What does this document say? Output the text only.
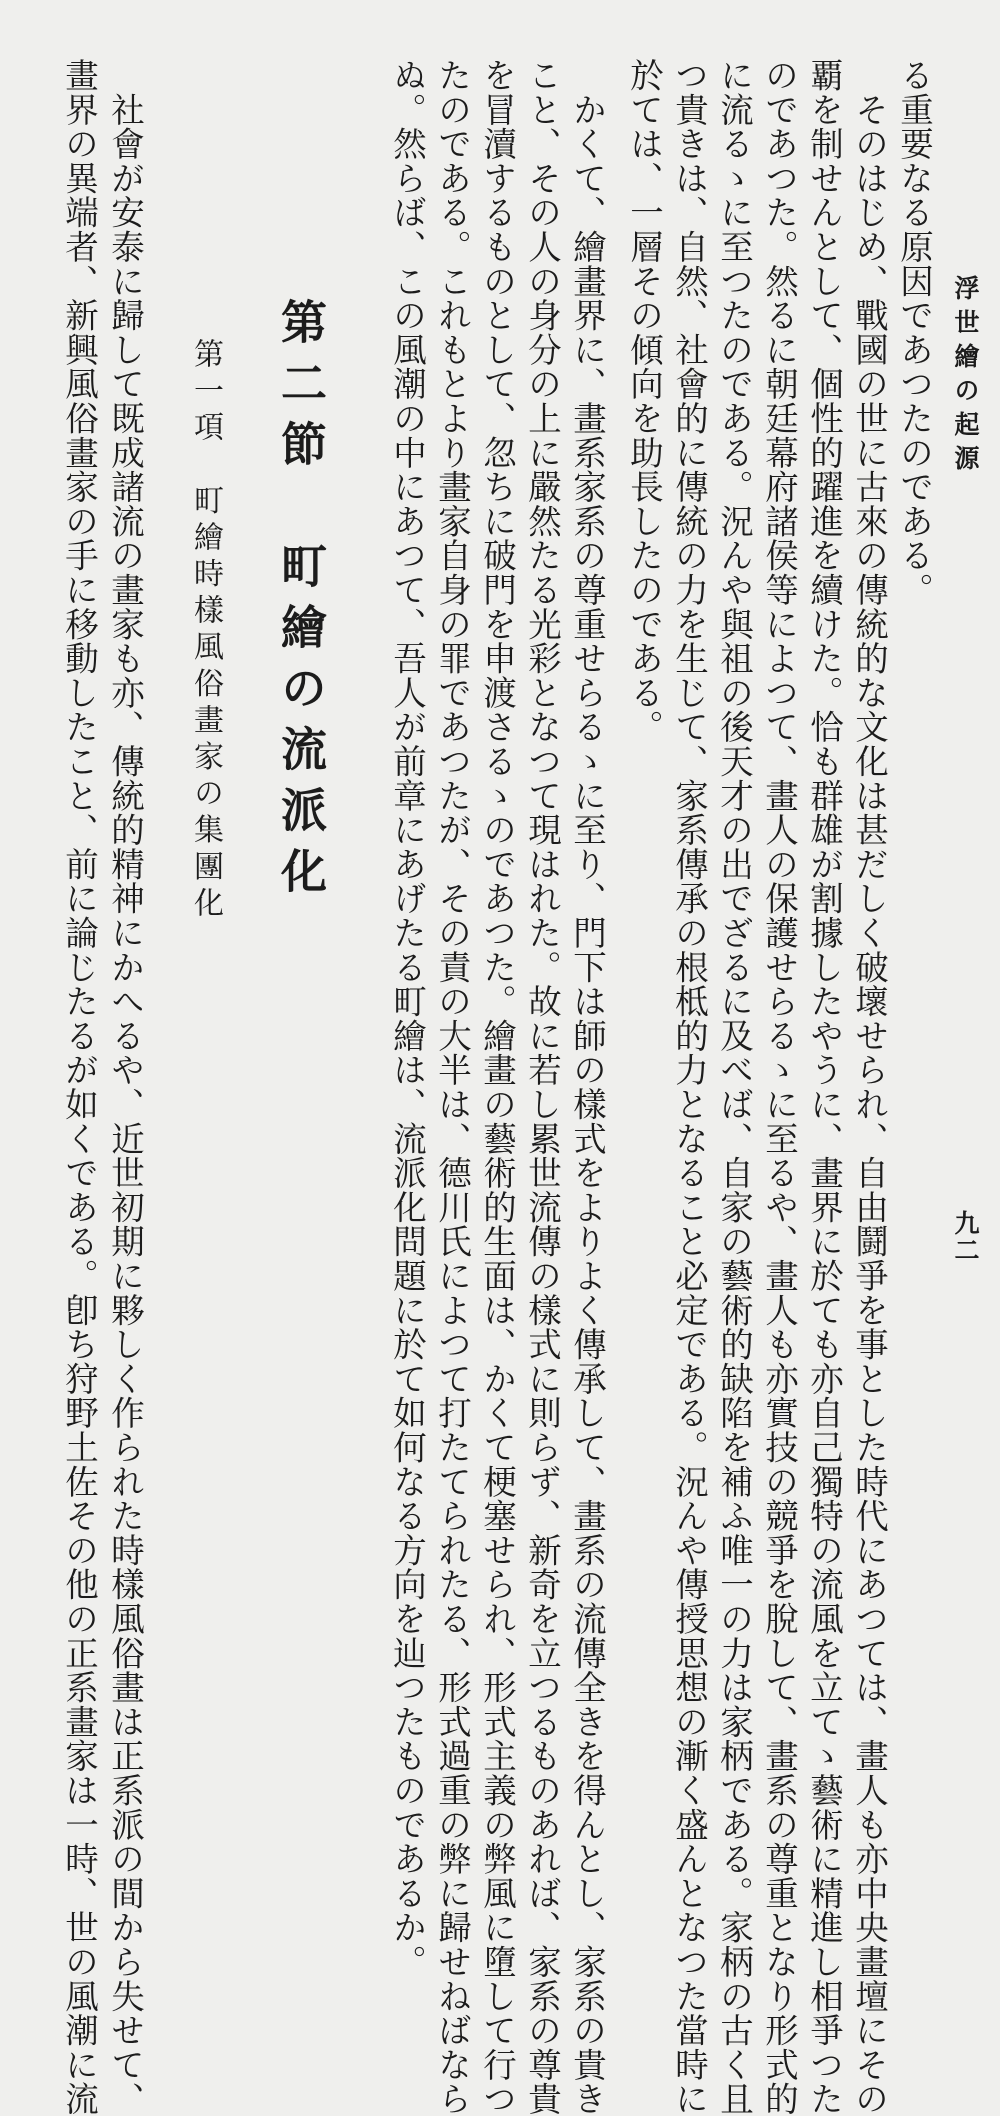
浮世繪の起源
九二
る重要なる原因であつたのである。
　そのはじめ、戰國の世に古來の傳統的な文化は甚だしく破壞せられ、自由鬪爭を事とした時代にあつては、畫人も亦中央畫壇にその
覇を制せんとして、個性的躍進を續けた。恰も群雄が割據したやうに、畫界に於ても亦自己獨特の流風を立てゝ藝術に精進し相爭つた
のであつた。然るに朝廷幕府諸侯等によつて、畫人の保護せらるゝに至るや、畫人も亦實技の競爭を脫して、畫系の尊重となり形式的
に流るゝに至つたのである。況んや與祖の後天才の出でざるに及べば、自家の藝術的缺陷を補ふ唯一の力は家柄である。家柄の古く且
つ貴きは、自然、社會的に傳統の力を生じて、家系傳承の根柢的力となること必定である。況んや傳授思想の漸く盛んとなつた當時に
於ては、一層その傾向を助長したのである。
　かくて、繪畫界に、畫系家系の尊重せらるゝに至り、門下は師の樣式をよりよく傳承して、畫系の流傳全きを得んとし、家系の貴き
こと、その人の身分の上に嚴然たる光彩となつて現はれた。故に若し累世流傳の樣式に則らず、新奇を立つるものあれば、家系の尊貴
を冒瀆するものとして、忽ちに破門を申渡さるゝのであつた。繪畫の藝術的生面は、かくて梗塞せられ、形式主義の弊風に墮して行つ
たのである。これもとより畫家自身の罪であつたが、その責の大半は、德川氏によつて打たてられたる、形式過重の弊に歸せねばなら
ぬ。然らば、この風潮の中にあつて、吾人が前章にあげたる町繪は、流派化問題に於て如何なる方向を辿つたものであるか。
第二節　町繪の流派化
第一項　町繪時樣風俗畫家の集團化
　社會が安泰に歸して既成諸流の畫家も亦、傳統的精神にかへるや、近世初期に夥しく作られた時樣風俗畫は正系派の間から失せて、
畫界の異端者、新興風俗畫家の手に移動したこと、前に論じたるが如くである。卽ち狩野土佐その他の正系畫家は一時、世の風潮に流
